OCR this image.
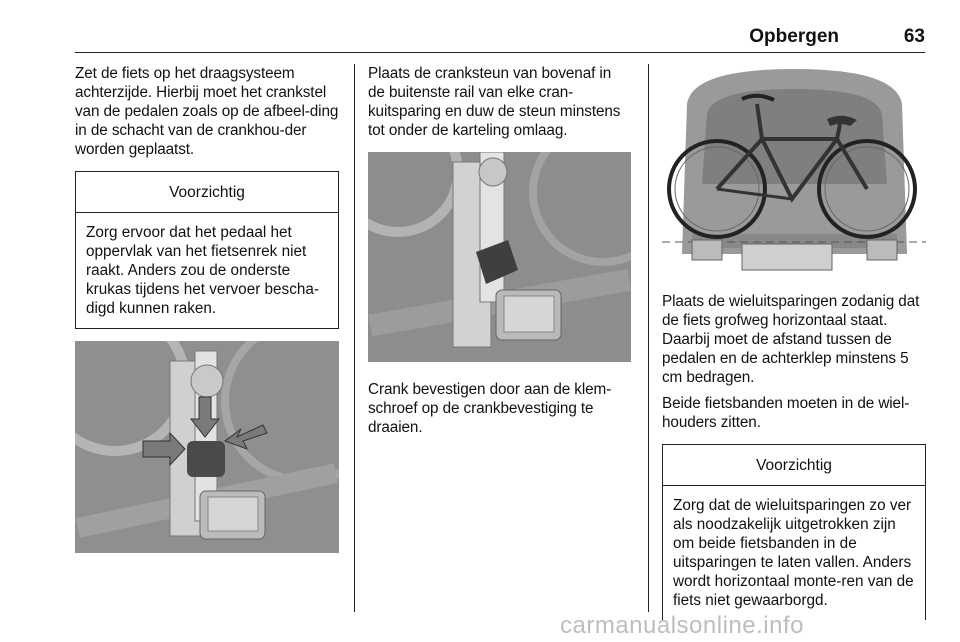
Opbergen	63

Zet de fiets op het draagsysteem achterzijde. Hierbij moet het crankstel van de pedalen zoals op de afbeel-ding in de schacht van de crankhou-der worden geplaatst.

Voorzichtig
Zorg ervoor dat het pedaal het oppervlak van het fietsenrek niet raakt. Anders zou de onderste krukas tijdens het vervoer bescha-digd kunnen raken.

Plaats de cranksteun van bovenaf in de buitenste rail van elke cran-kuitsparing en duw de steun minstens tot onder de karteling omlaag.

Crank bevestigen door aan de klem-schroef op de crankbevestiging te draaien.

Plaats de wieluitsparingen zodanig dat de fiets grofweg horizontaal staat. Daarbij moet de afstand tussen de pedalen en de achterklep minstens 5 cm bedragen.

Beide fietsbanden moeten in de wiel-houders zitten.

Voorzichtig
Zorg dat de wieluitsparingen zo ver als noodzakelijk uitgetrokken zijn om beide fietsbanden in de uitsparingen te laten vallen. Anders wordt horizontaal monte-ren van de fiets niet gewaarborgd.
carmanualsonline.info
